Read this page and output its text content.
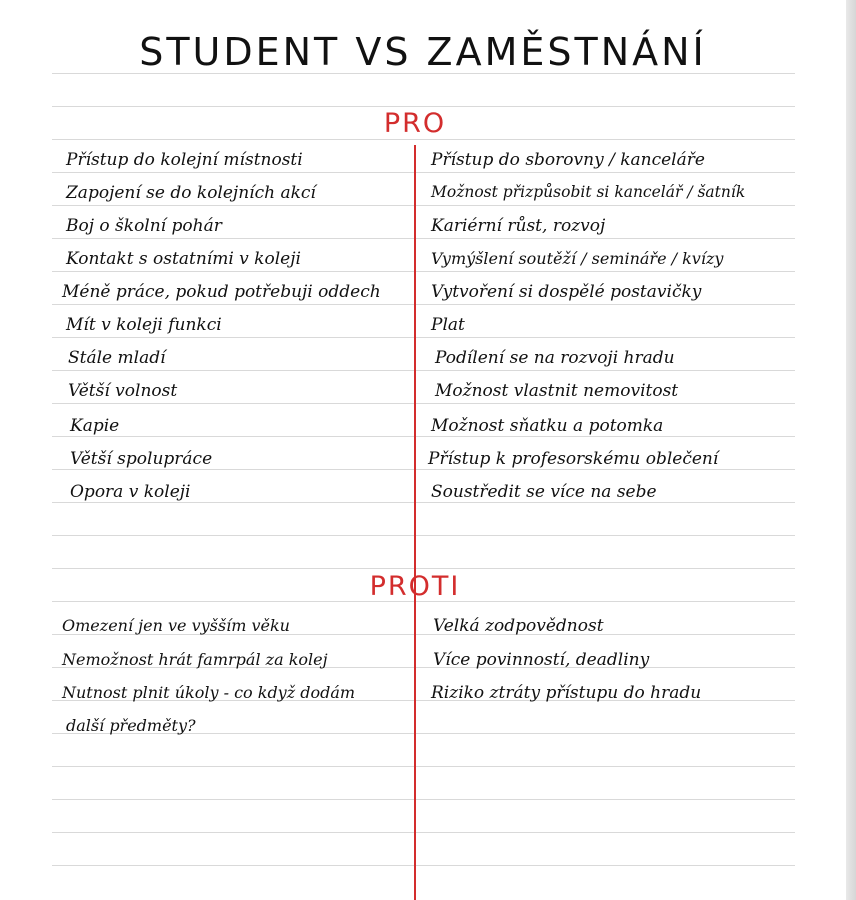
STUDENT VS ZAMĚSTNÁNÍ
PRO
PROTI
Přístup do kolejní místnosti
Zapojení se do kolejních akcí
Boj o školní pohár
Kontakt s ostatními v koleji
Méně práce, pokud potřebuji oddech
Mít v koleji funkci
Stále mladí
Větší volnost
Kapie
Větší spolupráce
Opora v koleji
Přístup do sborovny / kanceláře
Možnost přizpůsobit si kancelář / šatník
Kariérní růst, rozvoj
Vymýšlení soutěží / semináře / kvízy
Vytvoření si dospělé postavičky
Plat
Podílení se na rozvoji hradu
Možnost vlastnit nemovitost
Možnost sňatku a potomka
Přístup k profesorskému oblečení
Soustředit se více na sebe
Omezení jen ve vyšším věku
Nemožnost hrát famrpál za kolej
Nutnost plnit úkoly - co když dodám
další předměty?
Velká zodpovědnost
Více povinností, deadliny
Riziko ztráty přístupu do hradu
